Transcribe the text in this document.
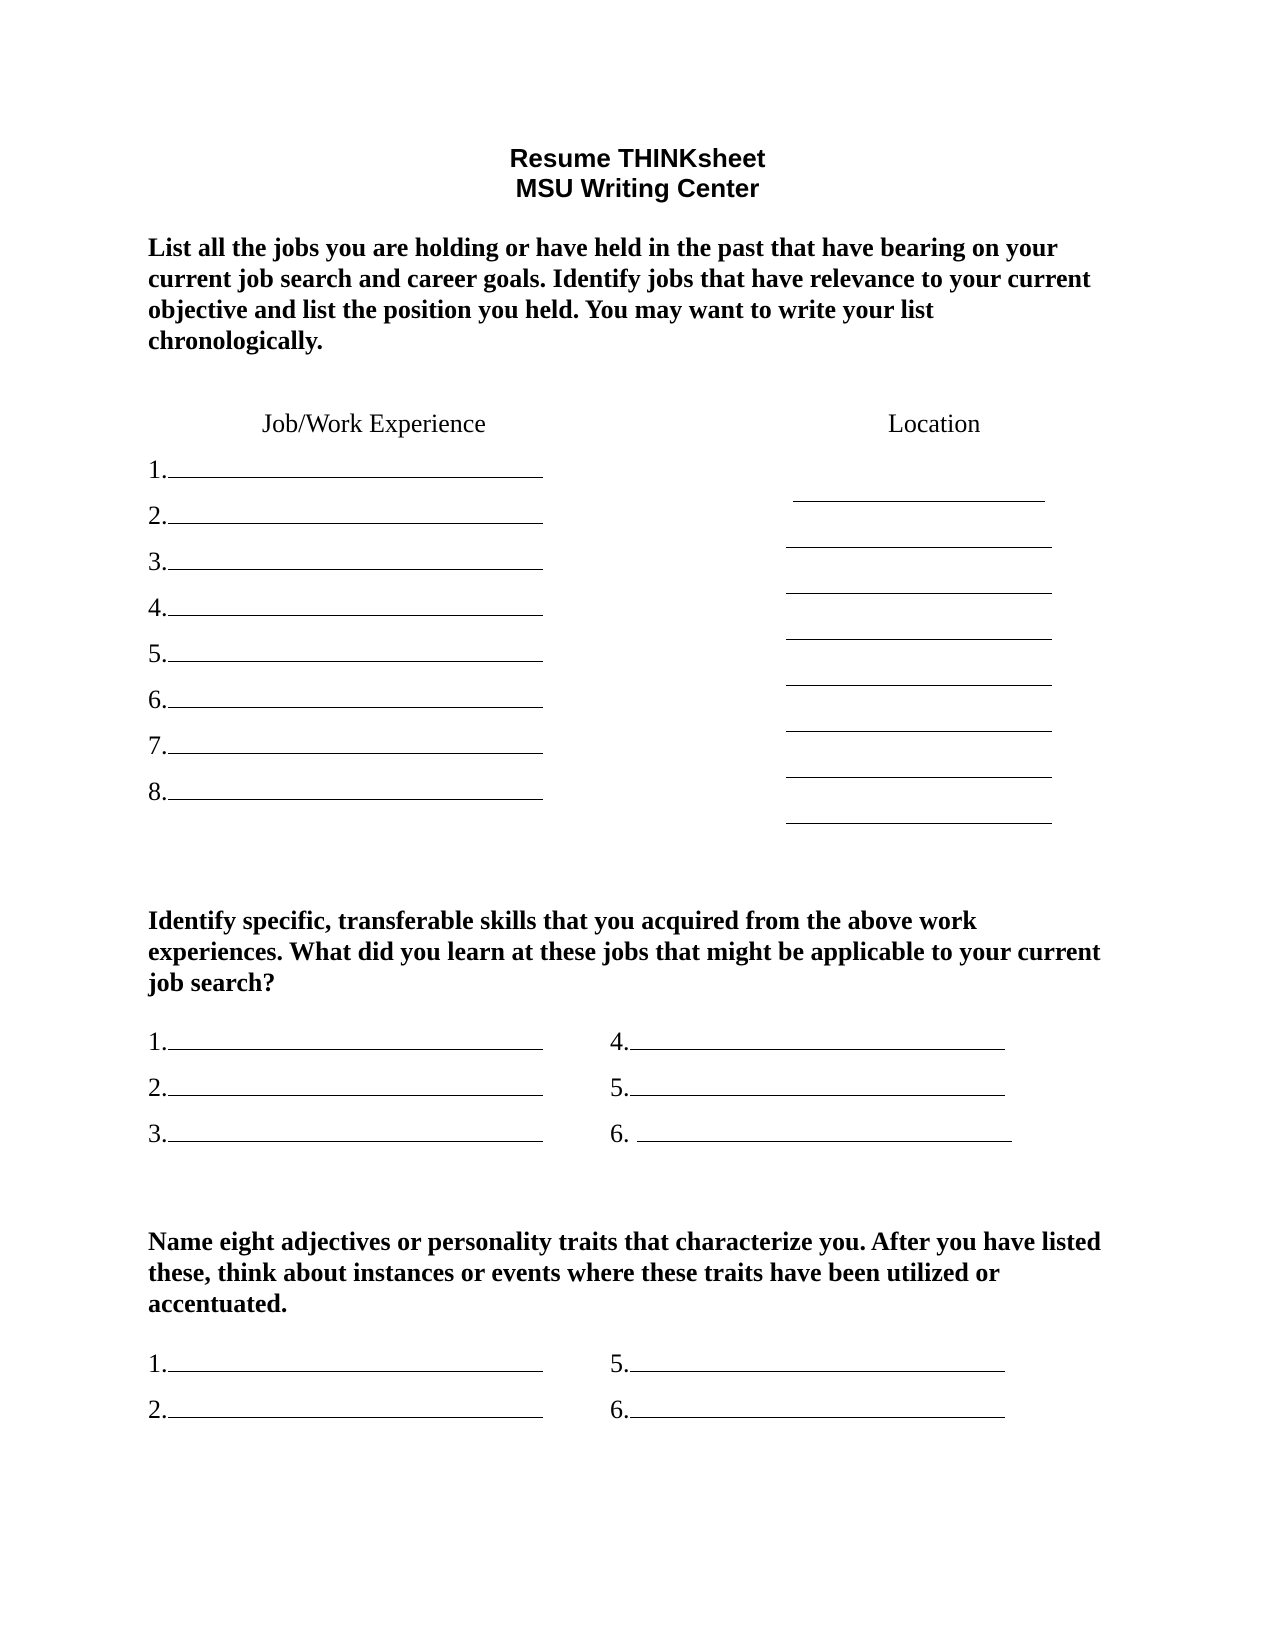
Resume THINKsheet
MSU Writing Center

List all the jobs you are holding or have held in the past that have bearing on your current job search and career goals. Identify jobs that have relevance to your current objective and list the position you held. You may want to write your list chronologically.

Job/Work Experience	Location
1.
2.
3.
4.
5.
6.
7.
8.

Identify specific, transferable skills that you acquired from the above work experiences. What did you learn at these jobs that might be applicable to your current job search?

1.
2.
3.
4.
5.
6.

Name eight adjectives or personality traits that characterize you. After you have listed these, think about instances or events where these traits have been utilized or accentuated.

1.
2.
5.
6.
